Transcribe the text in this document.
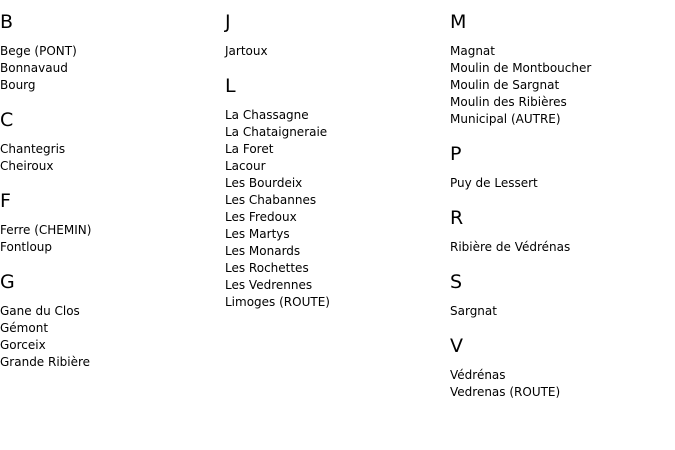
B
Bege (PONT)
Bonnavaud
Bourg
C
Chantegris
Cheiroux
F
Ferre (CHEMIN)
Fontloup
G
Gane du Clos
Gémont
Gorceix
Grande Ribière
J
Jartoux
L
La Chassagne
La Chataigneraie
La Foret
Lacour
Les Bourdeix
Les Chabannes
Les Fredoux
Les Martys
Les Monards
Les Rochettes
Les Vedrennes
Limoges (ROUTE)
M
Magnat
Moulin de Montboucher
Moulin de Sargnat
Moulin des Ribières
Municipal (AUTRE)
P
Puy de Lessert
R
Ribière de Védrénas
S
Sargnat
V
Védrénas
Vedrenas (ROUTE)
